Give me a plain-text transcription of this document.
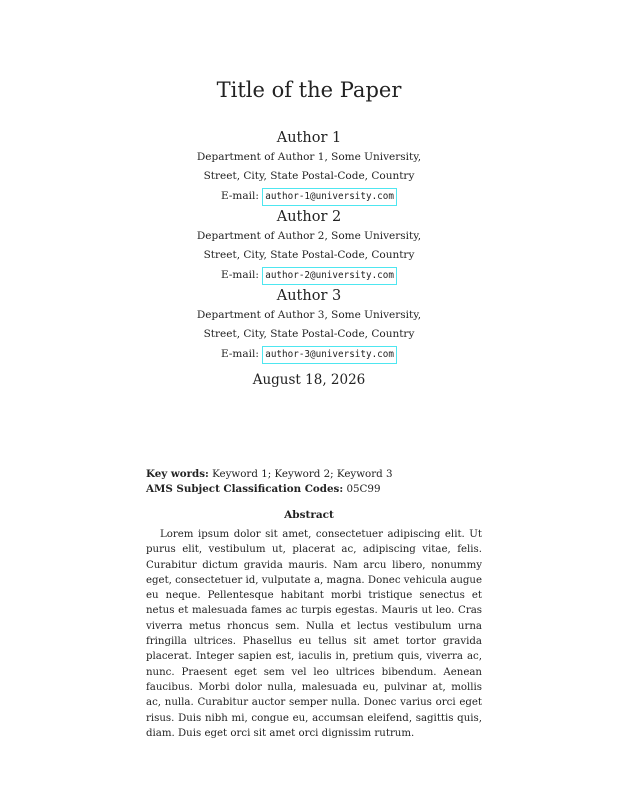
Title of the Paper
Author 1
Department of Author 1, Some University,
Street, City, State Postal-Code, Country
E-mail: author-1@university.com
Author 2
Department of Author 2, Some University,
Street, City, State Postal-Code, Country
E-mail: author-2@university.com
Author 3
Department of Author 3, Some University,
Street, City, State Postal-Code, Country
E-mail: author-3@university.com
August 18, 2026
Key words: Keyword 1; Keyword 2; Keyword 3
AMS Subject Classification Codes: 05C99
Abstract
Lorem ipsum dolor sit amet, consectetuer adipiscing elit. Ut purus elit, vestibulum ut, placerat ac, adipiscing vitae, felis. Curabitur dictum gravida mauris. Nam arcu libero, nonummy eget, consectetuer id, vulputate a, magna. Donec vehicula augue eu neque. Pellentesque habitant morbi tristique senectus et netus et malesuada fames ac turpis egestas. Mauris ut leo. Cras viverra metus rhoncus sem. Nulla et lectus vestibulum urna fringilla ultrices. Phasellus eu tellus sit amet tortor gravida placerat. Integer sapien est, iaculis in, pretium quis, viverra ac, nunc. Praesent eget sem vel leo ultrices bibendum. Aenean faucibus. Morbi dolor nulla, malesuada eu, pulvinar at, mollis ac, nulla. Curabitur auctor semper nulla. Donec varius orci eget risus. Duis nibh mi, congue eu, accumsan eleifend, sagittis quis, diam. Duis eget orci sit amet orci dignissim rutrum.
